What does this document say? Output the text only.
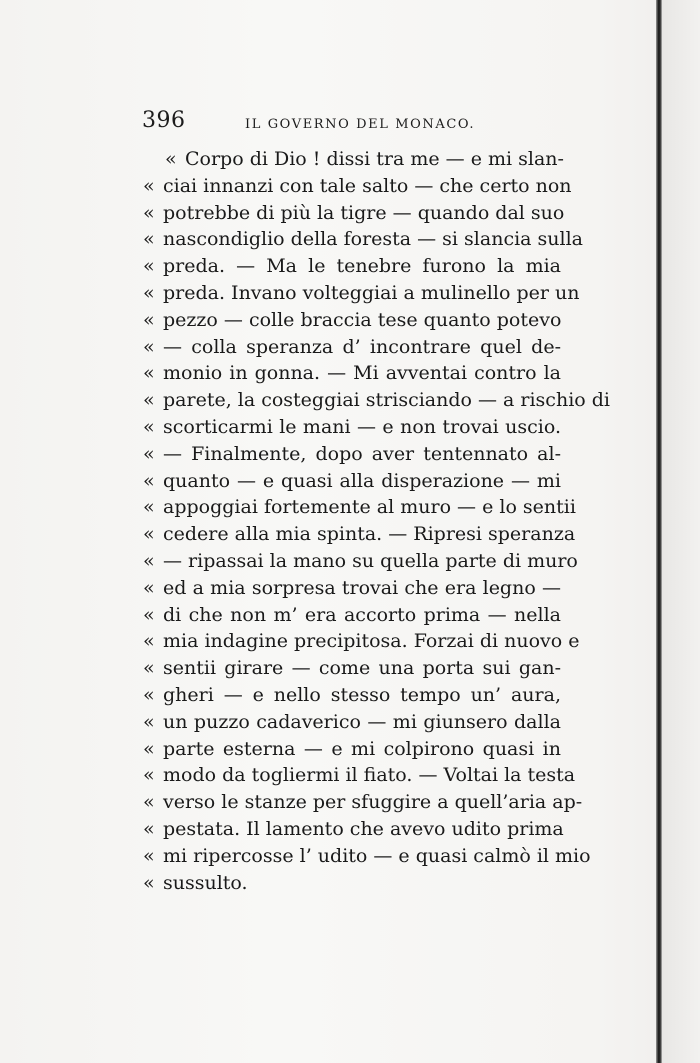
396	IL GOVERNO DEL MONACO.
« Corpo di Dio ! dissi tra me — e mi slan-
« ciai innanzi con tale salto — che certo non
« potrebbe di più la tigre — quando dal suo
« nascondiglio della foresta — si slancia sulla
« preda. — Ma le tenebre furono la mia
« preda. Invano volteggiai a mulinello per un
« pezzo — colle braccia tese quanto potevo
« — colla speranza d’ incontrare quel de-
« monio in gonna. — Mi avventai contro la
« parete, la costeggiai strisciando — a rischio di
« scorticarmi le mani — e non trovai uscio.
« — Finalmente, dopo aver tentennato al-
« quanto — e quasi alla disperazione — mi
« appoggiai fortemente al muro — e lo sentii
« cedere alla mia spinta. — Ripresi speranza
« — ripassai la mano su quella parte di muro
« ed a mia sorpresa trovai che era legno —
« di che non m’ era accorto prima — nella
« mia indagine precipitosa. Forzai di nuovo e
« sentii girare — come una porta sui gan-
« gheri — e nello stesso tempo un’ aura,
« un puzzo cadaverico — mi giunsero dalla
« parte esterna — e mi colpirono quasi in
« modo da togliermi il fiato. — Voltai la testa
« verso le stanze per sfuggire a quell’aria ap-
« pestata. Il lamento che avevo udito prima
« mi ripercosse l’ udito — e quasi calmò il mio
« sussulto.
